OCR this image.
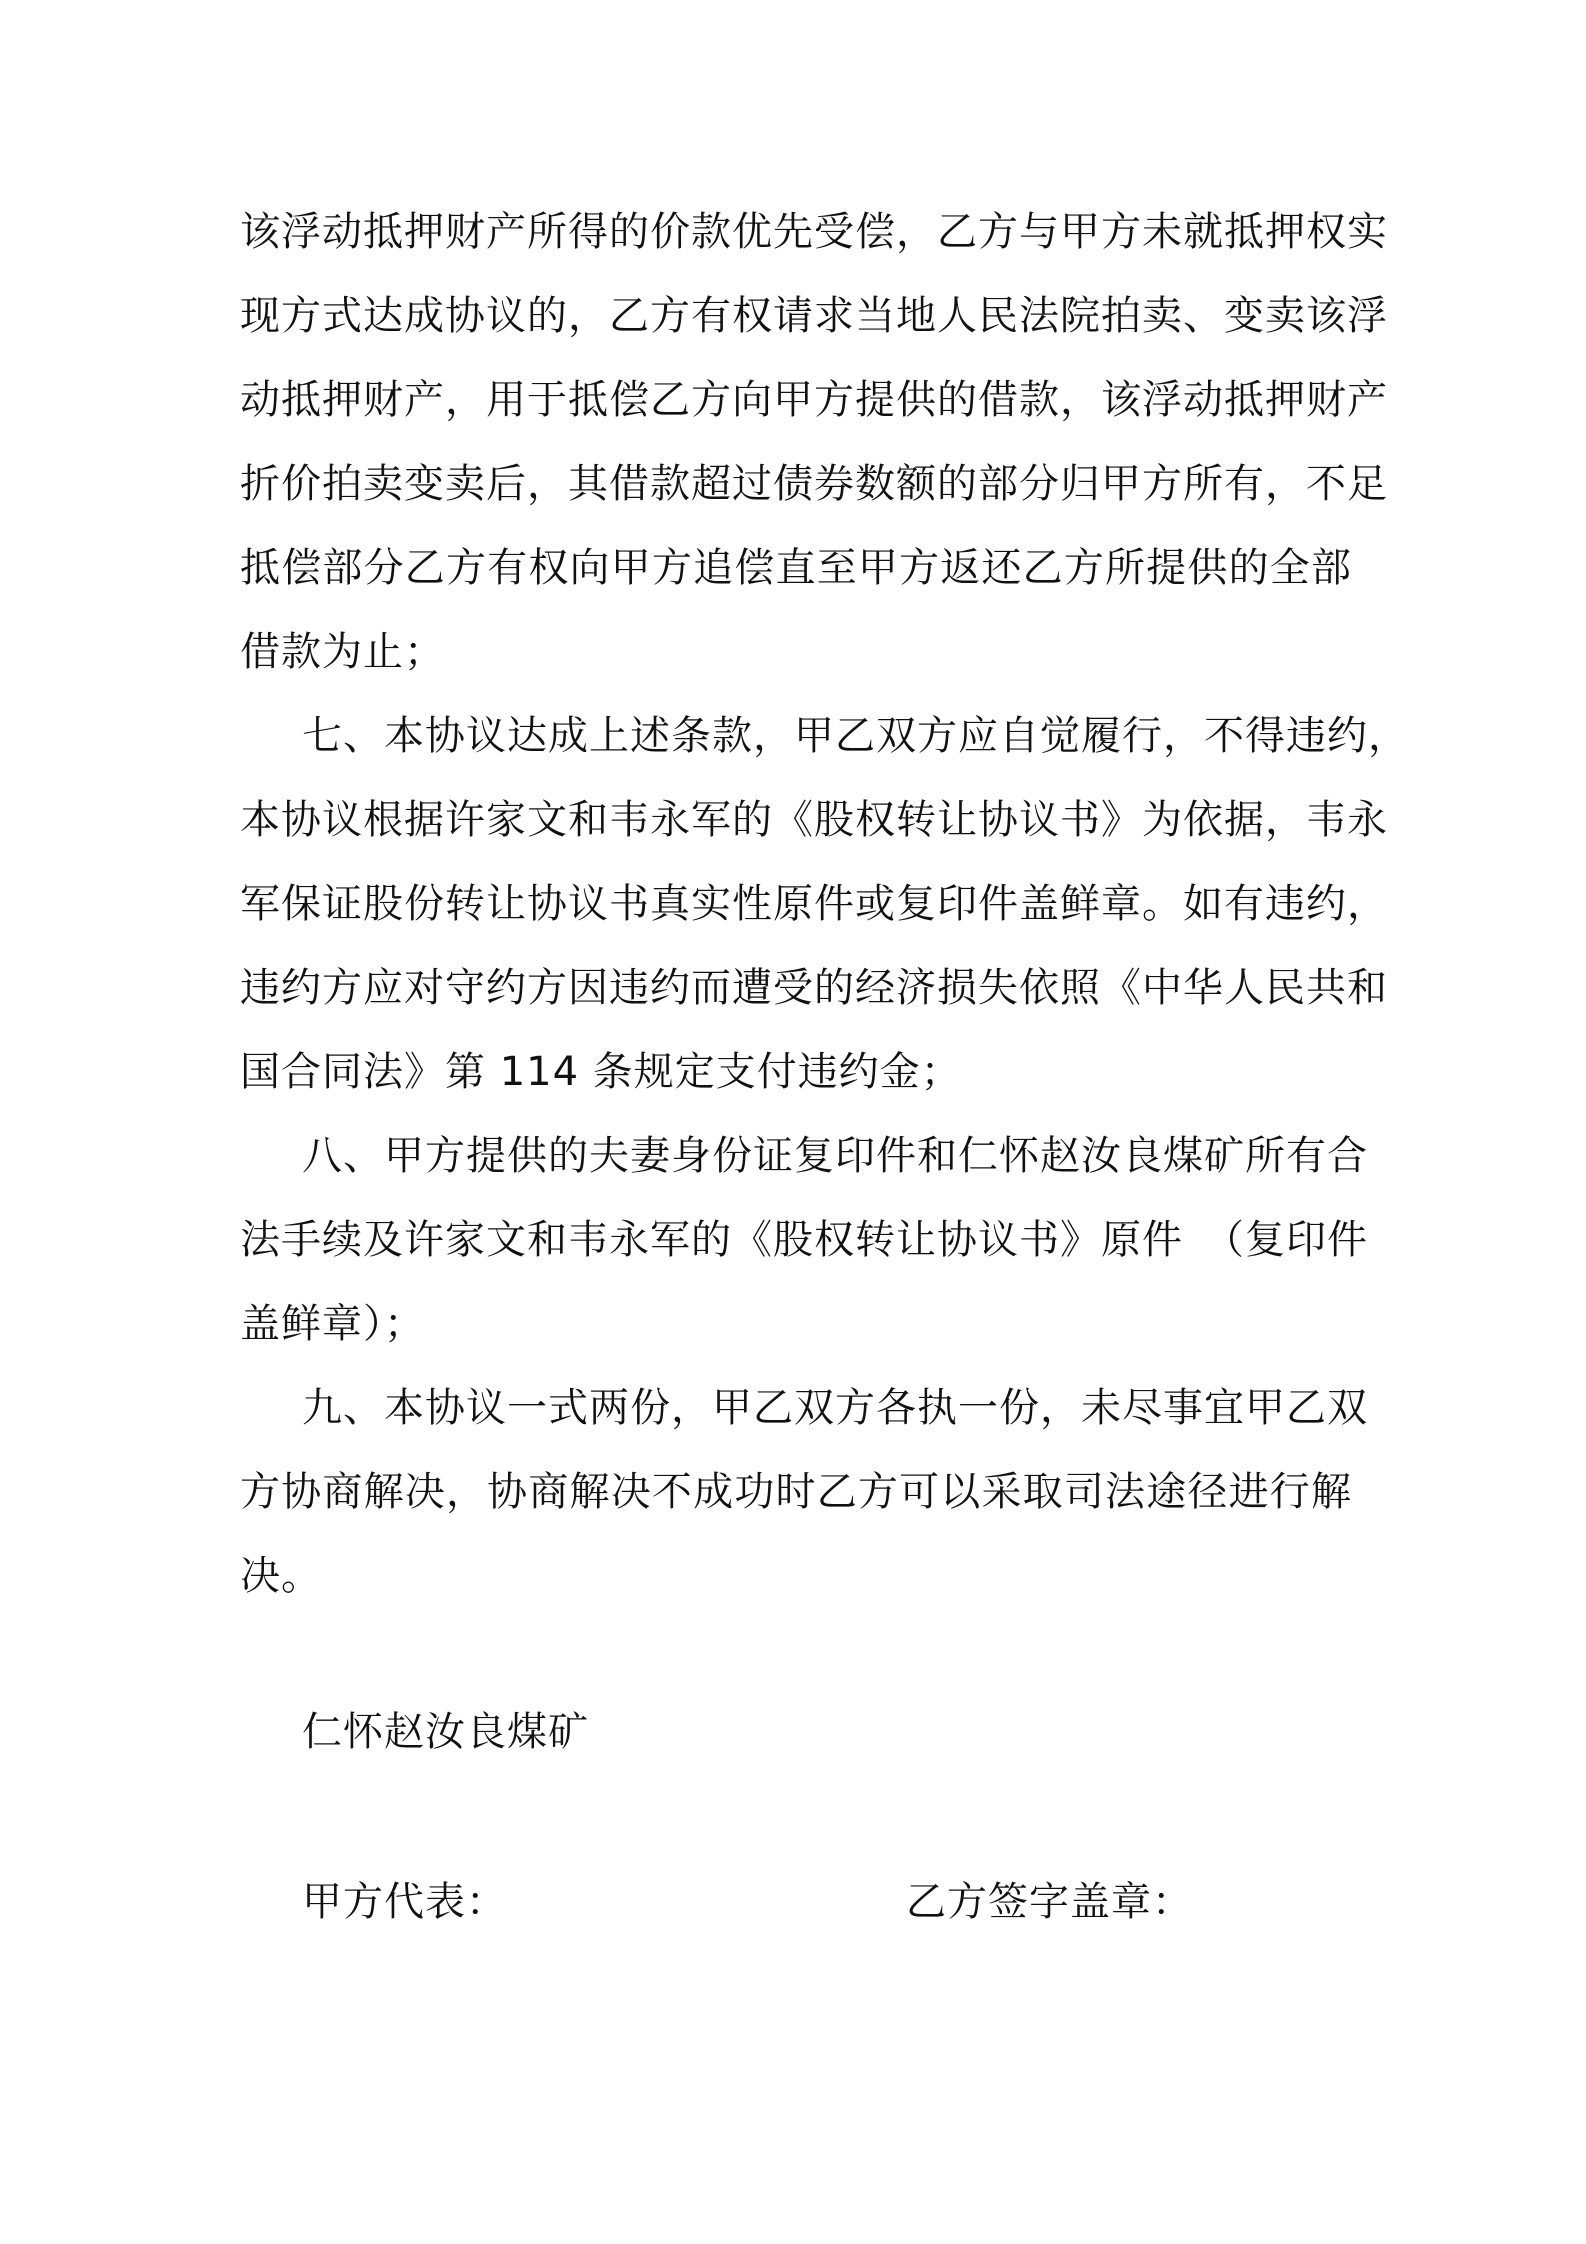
该浮动抵押财产所得的价款优先受偿，乙方与甲方未就抵押权实
现方式达成协议的，乙方有权请求当地人民法院拍卖、变卖该浮
动抵押财产，用于抵偿乙方向甲方提供的借款，该浮动抵押财产
折价拍卖变卖后，其借款超过债券数额的部分归甲方所有，不足
抵偿部分乙方有权向甲方追偿直至甲方返还乙方所提供的全部
借款为止；
七、本协议达成上述条款，甲乙双方应自觉履行，不得违约，
本协议根据许家文和韦永军的《股权转让协议书》为依据，韦永
军保证股份转让协议书真实性原件或复印件盖鲜章。如有违约，
违约方应对守约方因违约而遭受的经济损失依照《中华人民共和
国合同法》第 114 条规定支付违约金；
八、甲方提供的夫妻身份证复印件和仁怀赵汝良煤矿所有合
法手续及许家文和韦永军的《股权转让协议书》原件　（复印件
盖鲜章）；
九、本协议一式两份，甲乙双方各执一份，未尽事宜甲乙双
方协商解决，协商解决不成功时乙方可以采取司法途径进行解
决。
仁怀赵汝良煤矿
甲方代表：	乙方签字盖章：
